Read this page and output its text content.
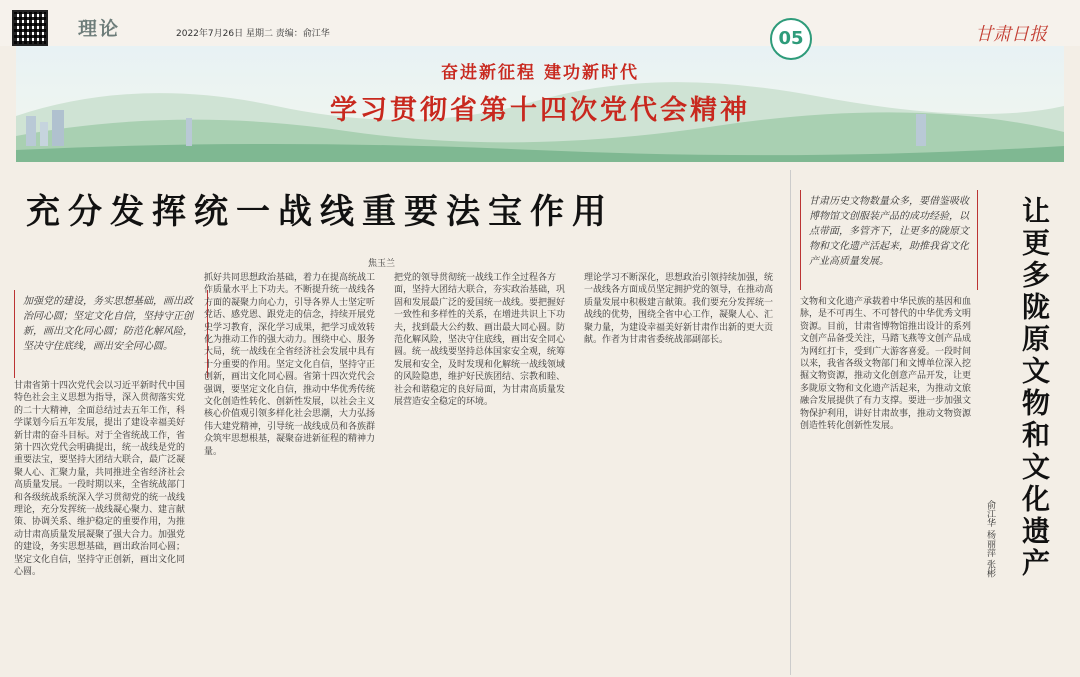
理论	2022年7月26日 星期二 责编：俞江华	甘肃日报
05
奋进新征程 建功新时代
学习贯彻省第十四次党代会精神
充分发挥统一战线重要法宝作用
焦玉兰
加强党的建设，务实思想基础，画出政治同心圆；坚定文化自信，坚持守正创新，画出文化同心圆；防范化解风险，坚决守住底线，画出安全同心圆。
甘肃省第十四次党代会以习近平新时代中国特色社会主义思想为指导，深入贯彻落实党的二十大精神，全面总结过去五年工作，科学谋划今后五年发展，提出了建设幸福美好新甘肃的奋斗目标。对于全省统战工作，省第十四次党代会明确提出，统一战线是党的重要法宝，要坚持大团结大联合，最广泛凝聚人心、汇聚力量，共同推进全省经济社会高质量发展。一段时期以来，全省统战部门和各级统战系统深入学习贯彻党的统一战线理论，充分发挥统一战线凝心聚力、建言献策、协调关系、维护稳定的重要作用，为推动甘肃高质量发展凝聚了强大合力。加强党的建设，务实思想基础，画出政治同心圆；坚定文化自信，坚持守正创新，画出文化同心圆。
抓好共同思想政治基础，着力在提高统战工作质量水平上下功夫。不断提升统一战线各方面的凝聚力向心力，引导各界人士坚定听党话、感党恩、跟党走的信念，持续开展党史学习教育，深化学习成果，把学习成效转化为推动工作的强大动力。围绕中心、服务大局，统一战线在全省经济社会发展中具有十分重要的作用。坚定文化自信，坚持守正创新，画出文化同心圆。省第十四次党代会强调，要坚定文化自信，推动中华优秀传统文化创造性转化、创新性发展，以社会主义核心价值观引领多样化社会思潮，大力弘扬伟大建党精神，引导统一战线成员和各族群众筑牢思想根基，凝聚奋进新征程的精神力量。
把党的领导贯彻统一战线工作全过程各方面，坚持大团结大联合，夯实政治基础，巩固和发展最广泛的爱国统一战线。要把握好一致性和多样性的关系，在增进共识上下功夫，找到最大公约数、画出最大同心圆。防范化解风险，坚决守住底线，画出安全同心圆。统一战线要坚持总体国家安全观，统筹发展和安全，及时发现和化解统一战线领域的风险隐患，维护好民族团结、宗教和睦、社会和谐稳定的良好局面，为甘肃高质量发展营造安全稳定的环境。
理论学习不断深化，思想政治引领持续加强，统一战线各方面成员坚定拥护党的领导，在推动高质量发展中积极建言献策。我们要充分发挥统一战线的优势，围绕全省中心工作，凝聚人心、汇聚力量，为建设幸福美好新甘肃作出新的更大贡献。作者为甘肃省委统战部副部长。
甘肃历史文物数量众多，要借鉴吸收博物馆文创服装产品的成功经验，以点带面，多管齐下，让更多的陇原文物和文化遗产活起来，助推我省文化产业高质量发展。
文物和文化遗产承载着中华民族的基因和血脉，是不可再生、不可替代的中华优秀文明资源。目前，甘肃省博物馆推出设计的系列文创产品备受关注，马踏飞燕等文创产品成为网红打卡，受到广大游客喜爱。一段时间以来，我省各级文物部门和文博单位深入挖掘文物资源，推动文化创意产品开发，让更多陇原文物和文化遗产活起来，为推动文旅融合发展提供了有力支撑。要进一步加强文物保护利用，讲好甘肃故事，推动文物资源创造性转化创新性发展。
俞江华 杨丽萍 张彬 让更多陇原文物和文化遗产
